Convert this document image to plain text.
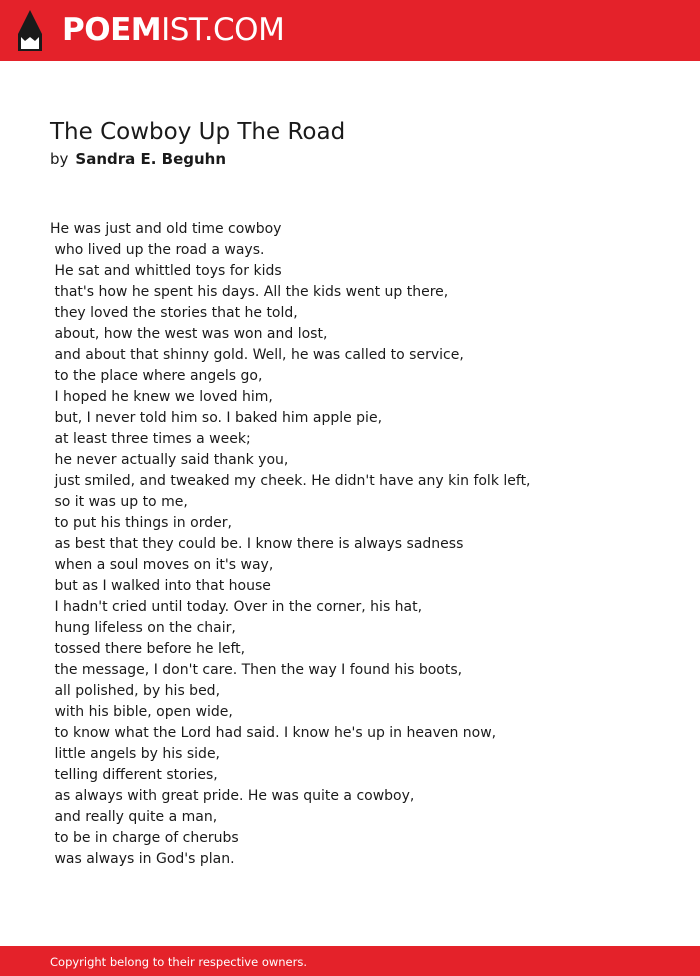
POEMIST.COM
The Cowboy Up The Road
by Sandra E. Beguhn
He was just and old time cowboy
who lived up the road a ways.
He sat and whittled toys for kids
that's how he spent his days. All the kids went up there,
they loved the stories that he told,
about, how the west was won and lost,
and about that shinny gold. Well, he was called to service,
to the place where angels go,
I hoped he knew we loved him,
but, I never told him so. I baked him apple pie,
at least three times a week;
he never actually said thank you,
just smiled, and tweaked my cheek. He didn't have any kin folk left,
so it was up to me,
to put his things in order,
as best that they could be. I know there is always sadness
when a soul moves on it's way,
but as I walked into that house
I hadn't cried until today. Over in the corner, his hat,
hung lifeless on the chair,
tossed there before he left,
the message, I don't care. Then the way I found his boots,
all polished, by his bed,
with his bible, open wide,
to know what the Lord had said. I know he's up in heaven now,
little angels by his side,
telling different stories,
as always with great pride. He was quite a cowboy,
and really quite a man,
to be in charge of cherubs
was always in God's plan.
Copyright belong to their respective owners.
